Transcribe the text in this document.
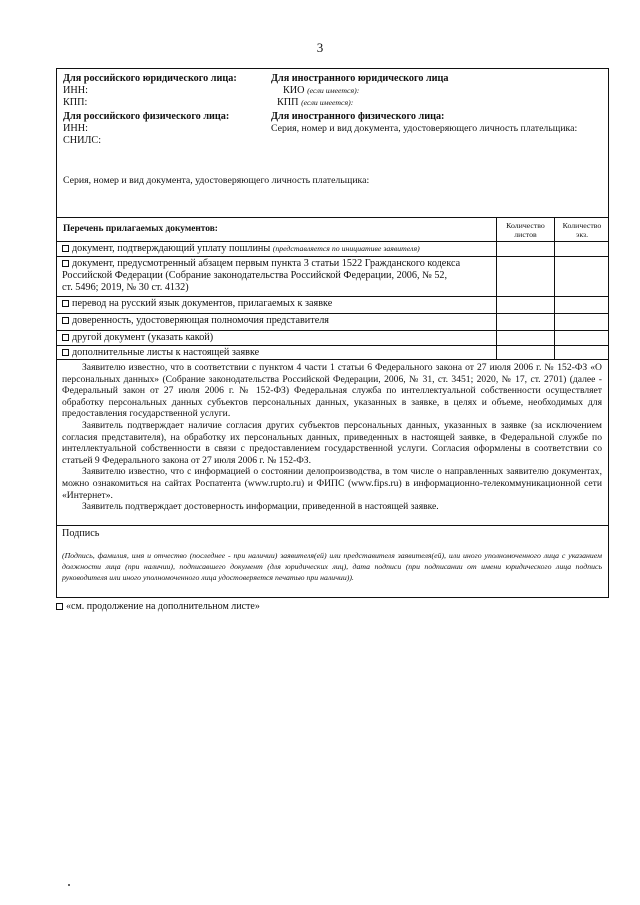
3
Для российского юридического лица:
ИНН:
КПП:
Для российского физического лица:
ИНН:
СНИЛС:
Для иностранного юридического лица
КИО (если имеется):
КПП (если имеется):
Для иностранного физического лица:
Серия, номер и вид документа, удостоверяющего личность плательщика:
Серия, номер и вид документа, удостоверяющего личность плательщика:
Перечень прилагаемых документов:	Количество
листов
Количество
экз.
документ, подтверждающий уплату пошлины (представляется по инициативе заявителя)
документ, предусмотренный абзацем первым пункта 3 статьи 1522 Гражданского кодекса
Российской Федерации (Собрание законодательства Российской Федерации, 2006, № 52,
ст. 5496; 2019, № 30 ст. 4132)
перевод на русский язык документов, прилагаемых к заявке
доверенность, удостоверяющая полномочия представителя
другой документ (указать какой)
дополнительные листы к настоящей заявке

Заявителю известно, что в соответствии с пунктом 4 части 1 статьи 6 Федерального закона от 27 июля 2006 г. № 152-ФЗ «О персональных данных» (Собрание законодательства Российской Федерации, 2006, № 31, ст. 3451; 2020, № 17, ст. 2701) (далее - Федеральный закон от 27 июля 2006 г. № 152-ФЗ) Федеральная служба по интеллектуальной собственности осуществляет обработку персональных данных субъектов персональных данных, указанных в заявке, в целях и объеме, необходимых для предоставления государственной услуги.

Заявитель подтверждает наличие согласия других субъектов персональных данных, указанных в заявке (за исключением согласия представителя), на обработку их персональных данных, приведенных в настоящей заявке, в Федеральной службе по интеллектуальной собственности в связи с предоставлением государственной услуги. Согласия оформлены в соответствии со статьей 9 Федерального закона от 27 июля 2006 г. № 152-ФЗ.

Заявителю известно, что с информацией о состоянии делопроизводства, в том числе о направленных заявителю документах, можно ознакомиться на сайтах Роспатента (www.rupto.ru) и ФИПС (www.fips.ru) в информационно-телекоммуникационной сети «Интернет».

Заявитель подтверждает достоверность информации, приведенной в настоящей заявке.

Подпись
(Подпись, фамилия, имя и отчество (последнее - при наличии) заявителя(ей) или представителя заявителя(ей), или иного уполномоченного лица с указанием должности лица (при наличии), подписавшего документ (для юридических лиц), дата подписи (при подписании от имени юридического лица подпись руководителя или иного уполномоченного лица удостоверяется печатью при наличии)).
«см. продолжение на дополнительном листе»
